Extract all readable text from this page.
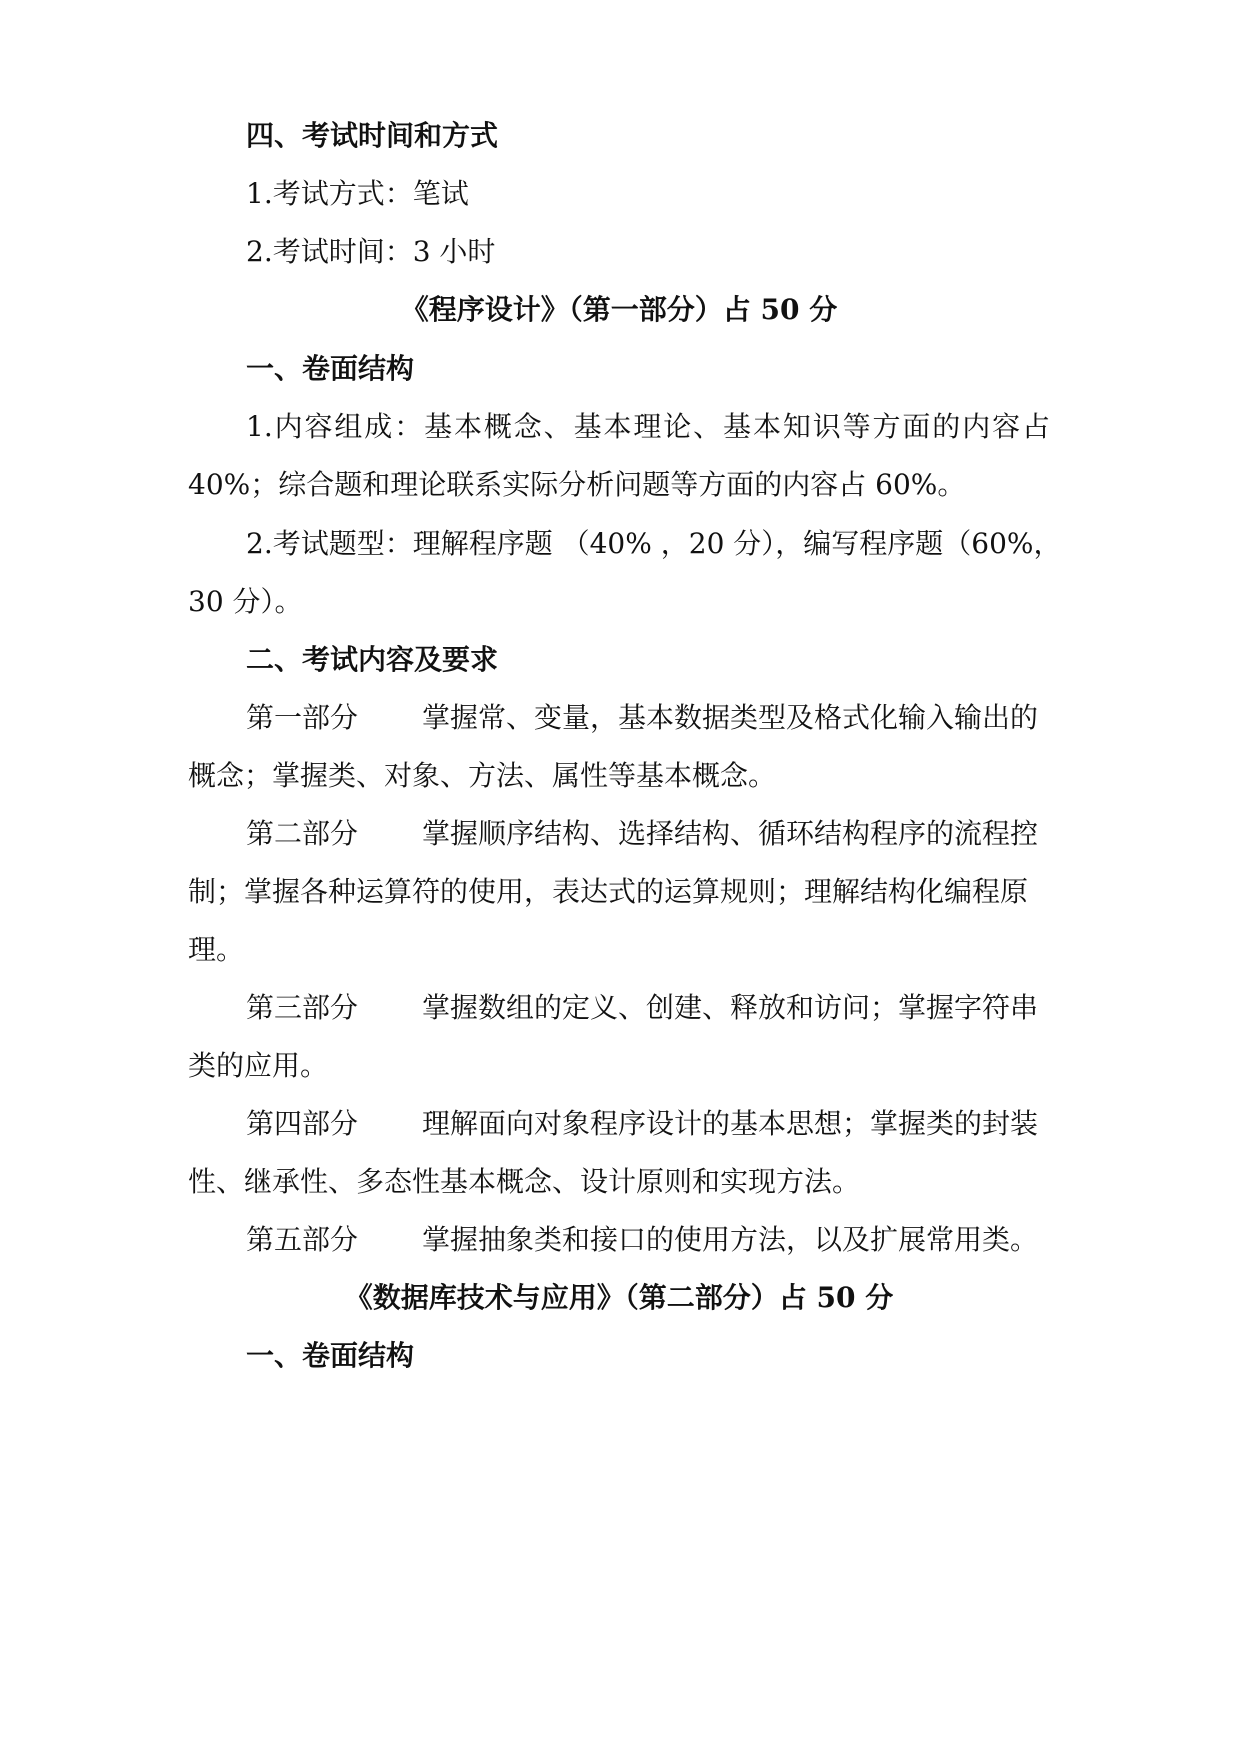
四、考试时间和方式
1.考试方式：笔试
2.考试时间：3 小时
《程序设计》（第一部分）占 50 分
一、卷面结构
1.内容组成：基本概念、基本理论、基本知识等方面的内容占
40%；综合题和理论联系实际分析问题等方面的内容占 60%。
2.考试题型：理解程序题 （40% ，20 分），编写程序题（60%，
30 分）。
二、考试内容及要求
第一部分 掌握常、变量，基本数据类型及格式化输入输出的
概念；掌握类、对象、方法、属性等基本概念。
第二部分 掌握顺序结构、选择结构、循环结构程序的流程控
制；掌握各种运算符的使用，表达式的运算规则；理解结构化编程原
理。
第三部分 掌握数组的定义、创建、释放和访问；掌握字符串
类的应用。
第四部分 理解面向对象程序设计的基本思想；掌握类的封装
性、继承性、多态性基本概念、设计原则和实现方法。
第五部分 掌握抽象类和接口的使用方法，以及扩展常用类。
《数据库技术与应用》（第二部分）占 50 分
一、卷面结构
